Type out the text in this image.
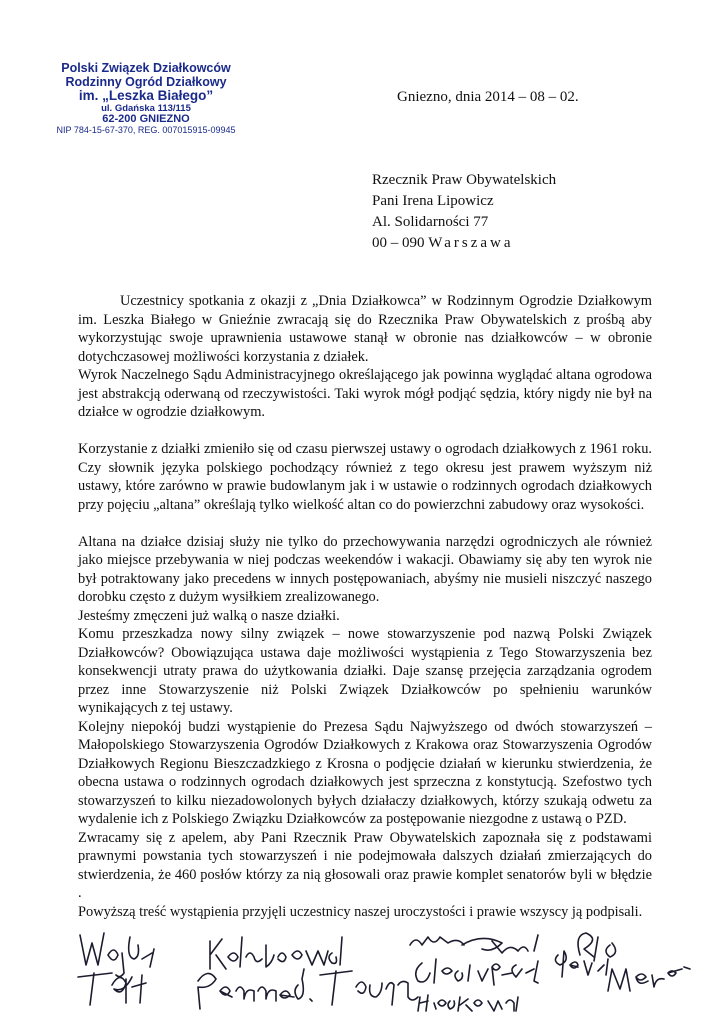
Polski Związek Działkowców
Rodzinny Ogród Działkowy
im. „Leszka Białego”
ul. Gdańska 113/115
62-200 GNIEZNO
NIP 784-15-67-370, REG. 007015915-09945
Gniezno, dnia 2014 – 08 – 02.
Rzecznik Praw Obywatelskich
Pani Irena Lipowicz
Al. Solidarności 77
00 – 090 Warszawa

Uczestnicy spotkania z okazji z „Dnia Działkowca” w Rodzinnym Ogrodzie Działkowym im. Leszka Białego w Gnieźnie zwracają się do Rzecznika Praw Obywatelskich z prośbą aby wykorzystując swoje uprawnienia ustawowe stanął w obronie nas działkowców – w obronie dotychczasowej możliwości korzystania z działek.

Wyrok Naczelnego Sądu Administracyjnego określającego jak powinna wyglądać altana ogrodowa jest abstrakcją oderwaną od rzeczywistości. Taki wyrok mógł podjąć sędzia, który nigdy nie był na działce w ogrodzie działkowym.

Korzystanie z działki zmieniło się od czasu pierwszej ustawy o ogrodach działkowych z 1961 roku. Czy słownik języka polskiego pochodzący również z tego okresu jest prawem wyższym niż ustawy, które zarówno w prawie budowlanym jak i w ustawie o rodzinnych ogrodach działkowych przy pojęciu „altana” określają tylko wielkość altan co do powierzchni zabudowy oraz wysokości.

Altana na działce dzisiaj służy nie tylko do przechowywania narzędzi ogrodniczych ale również jako miejsce przebywania w niej podczas weekendów i wakacji. Obawiamy się aby ten wyrok nie był potraktowany jako precedens w innych postępowaniach, abyśmy nie musieli niszczyć naszego dorobku często z dużym wysiłkiem zrealizowanego.

Jesteśmy zmęczeni już walką o nasze działki.

Komu przeszkadza nowy silny związek – nowe stowarzyszenie pod nazwą Polski Związek Działkowców? Obowiązująca ustawa daje możliwości wystąpienia z Tego Stowarzyszenia bez konsekwencji utraty prawa do użytkowania działki. Daje szansę przejęcia zarządzania ogrodem przez inne Stowarzyszenie niż Polski Związek Działkowców po spełnieniu warunków wynikających z tej ustawy.

Kolejny niepokój budzi wystąpienie do Prezesa Sądu Najwyższego od dwóch stowarzyszeń – Małopolskiego Stowarzyszenia Ogrodów Działkowych z Krakowa oraz Stowarzyszenia Ogrodów Działkowych Regionu Bieszczadzkiego z Krosna o podjęcie działań w kierunku stwierdzenia, że obecna ustawa o rodzinnych ogrodach działkowych jest sprzeczna z konstytucją. Szefostwo tych stowarzyszeń to kilku niezadowolonych byłych działaczy działkowych, którzy szukają odwetu za wydalenie ich z Polskiego Związku Działkowców za postępowanie niezgodne z ustawą o PZD.

Zwracamy się z apelem, aby Pani Rzecznik Praw Obywatelskich zapoznała się z podstawami prawnymi powstania tych stowarzyszeń i nie podejmowała dalszych działań zmierzających do stwierdzenia, że 460 posłów którzy za nią głosowali oraz prawie komplet senatorów byli w błędzie .

Powyższą treść wystąpienia przyjęli uczestnicy naszej uroczystości i prawie wszyscy ją podpisali.
